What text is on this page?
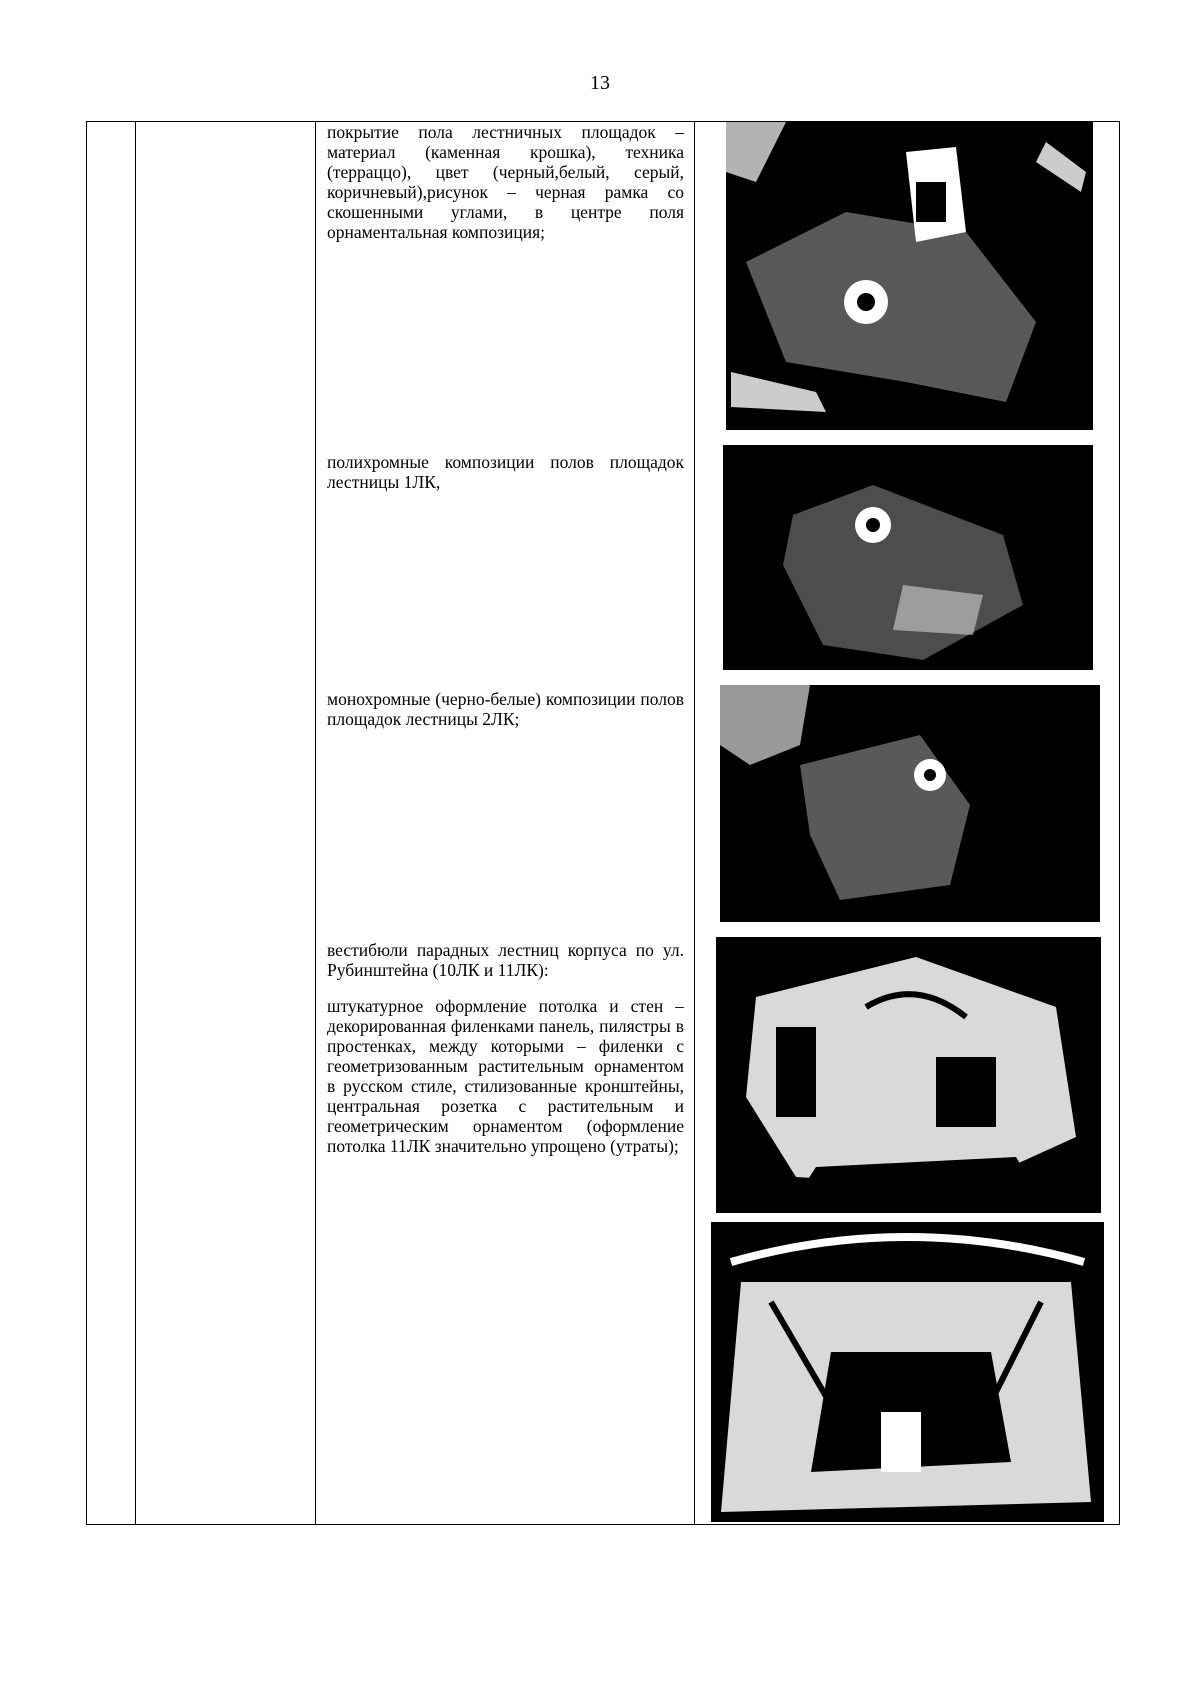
13

покрытие пола лестничных площадок – материал (каменная крошка), техника (терраццо), цвет (черный,белый, серый, коричневый),рисунок – черная рамка со скошенными углами, в центре поля орнаментальная композиция;

полихромные композиции полов площадок лестницы 1ЛК,

монохромные (черно-белые) композиции полов площадок лестницы 2ЛК;

вестибюли парадных лестниц корпуса по ул. Рубинштейна (10ЛК и 11ЛК):

штукатурное оформление потолка и стен – декорированная филенками панель, пилястры в простенках, между которыми – филенки с геометризованным растительным орнаментом в русском стиле, стилизованные кронштейны, центральная розетка с растительным и геометрическим орнаментом (оформление потолка 11ЛК значительно упрощено (утраты);
